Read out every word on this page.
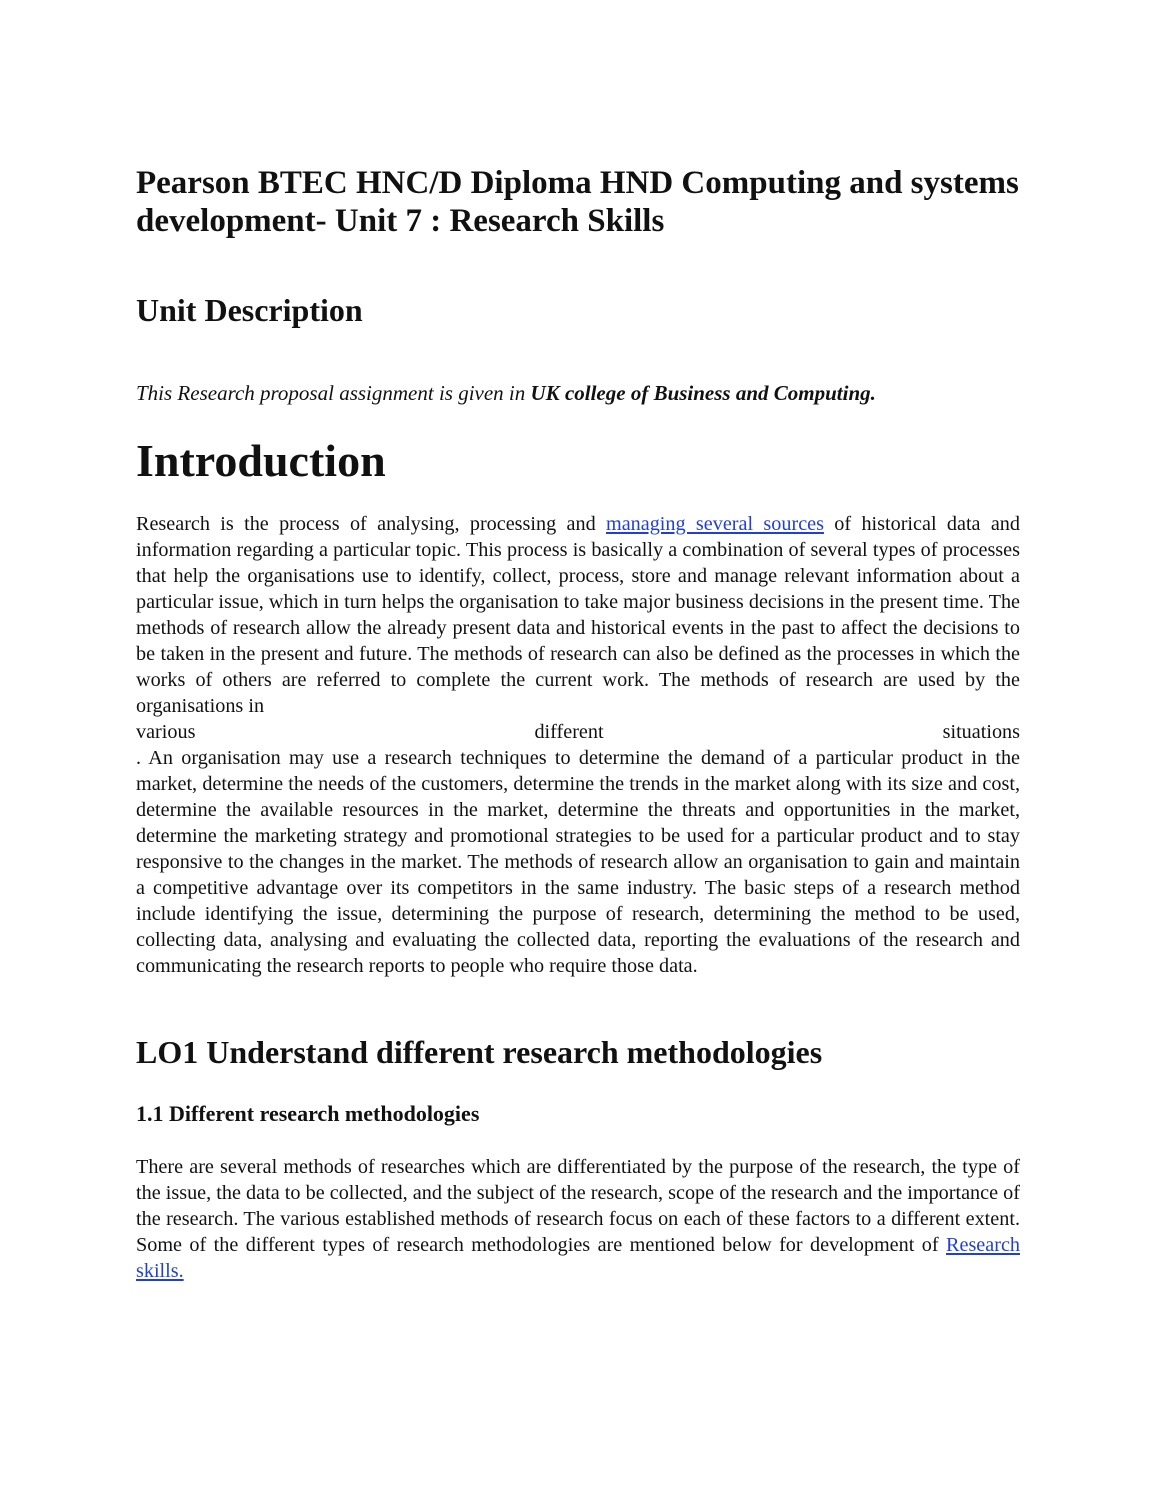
Pearson BTEC HNC/D Diploma HND Computing and systems development- Unit 7 : Research Skills
Unit Description

This Research proposal assignment is given in UK college of Business and Computing.

Introduction

Research is the process of analysing, processing and managing several sources of historical data and information regarding a particular topic. This process is basically a combination of several types of processes that help the organisations use to identify, collect, process, store and manage relevant information about a particular issue, which in turn helps the organisation to take major business decisions in the present time. The methods of research allow the already present data and historical events in the past to affect the decisions to be taken in the present and future. The methods of research can also be defined as the processes in which the works of others are referred to complete the current work. The methods of research are used by the organisations in

various	different	situations

. An organisation may use a research techniques to determine the demand of a particular product in the market, determine the needs of the customers, determine the trends in the market along with its size and cost, determine the available resources in the market, determine the threats and opportunities in the market, determine the marketing strategy and promotional strategies to be used for a particular product and to stay responsive to the changes in the market. The methods of research allow an organisation to gain and maintain a competitive advantage over its competitors in the same industry. The basic steps of a research method include identifying the issue, determining the purpose of research, determining the method to be used, collecting data, analysing and evaluating the collected data, reporting the evaluations of the research and communicating the research reports to people who require those data.

LO1 Understand different research methodologies
1.1 Different research methodologies

There are several methods of researches which are differentiated by the purpose of the research, the type of the issue, the data to be collected, and the subject of the research, scope of the research and the importance of the research. The various established methods of research focus on each of these factors to a different extent. Some of the different types of research methodologies are mentioned below for development of Research skills.
